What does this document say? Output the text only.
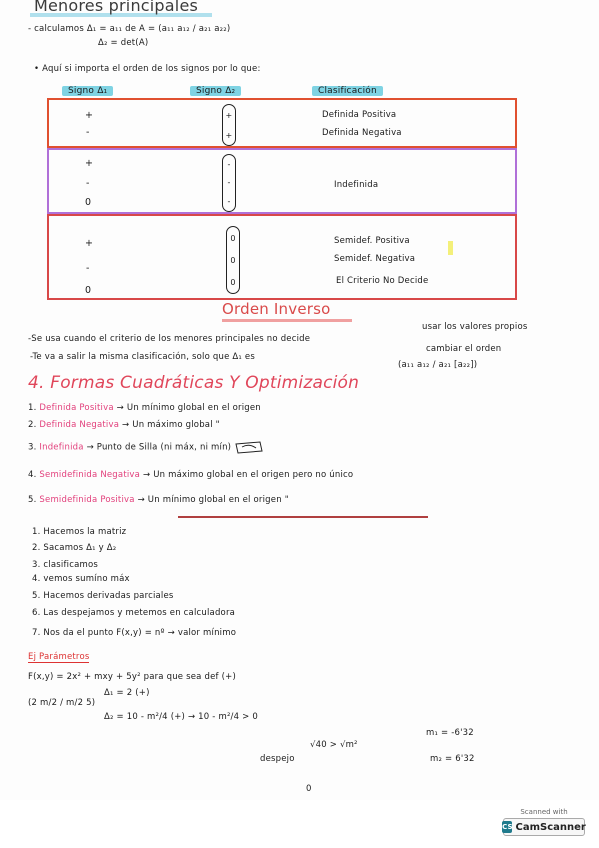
Menores principales
- calculamos Δ₁ = a₁₁ de A = (a₁₁ a₁₂ / a₂₁ a₂₂)
Δ₂ = det(A)
• Aquí si importa el orden de los signos por lo que:
Signo Δ₁	Signo Δ₂	Clasificación
+
-
+
+
Definida Positiva
Definida Negativa
+
-
0
-
-
-
Indefinida
+
-
0
0
0
0
Semidef. Positiva
Semidef. Negativa
El Criterio No Decide
Orden Inverso
-Se usa cuando el criterio de los menores principales no decide
usar los valores propios
cambiar el orden
-Te va a salir la misma clasificación, solo que Δ₁ es
(a₁₁ a₁₂ / a₂₁ [a₂₂])
4. Formas Cuadráticas Y Optimización
1. Definida Positiva → Un mínimo global en el origen
2. Definida Negativa → Un máximo global "
3. Indefinida → Punto de Silla (ni máx, ni mín)
4. Semidefinida Negativa → Un máximo global en el origen pero no único
5. Semidefinida Positiva → Un mínimo global en el origen "
1. Hacemos la matriz
2. Sacamos Δ₁ y Δ₂
3. clasificamos
4. vemos sumíno máx
5. Hacemos derivadas parciales
6. Las despejamos y metemos en calculadora
7. Nos da el punto F(x,y) = nº → valor mínimo
Ej Parámetros
F(x,y) = 2x² + mxy + 5y² para que sea def (+)
(2 m/2 / m/2 5)
Δ₁ = 2 (+)
Δ₂ = 10 - m²/4 (+) → 10 - m²/4 > 0
√40 > √m²
despejo
m₁ = -6'32
m₂ = 6'32
0
Scanned with
CS CamScanner
